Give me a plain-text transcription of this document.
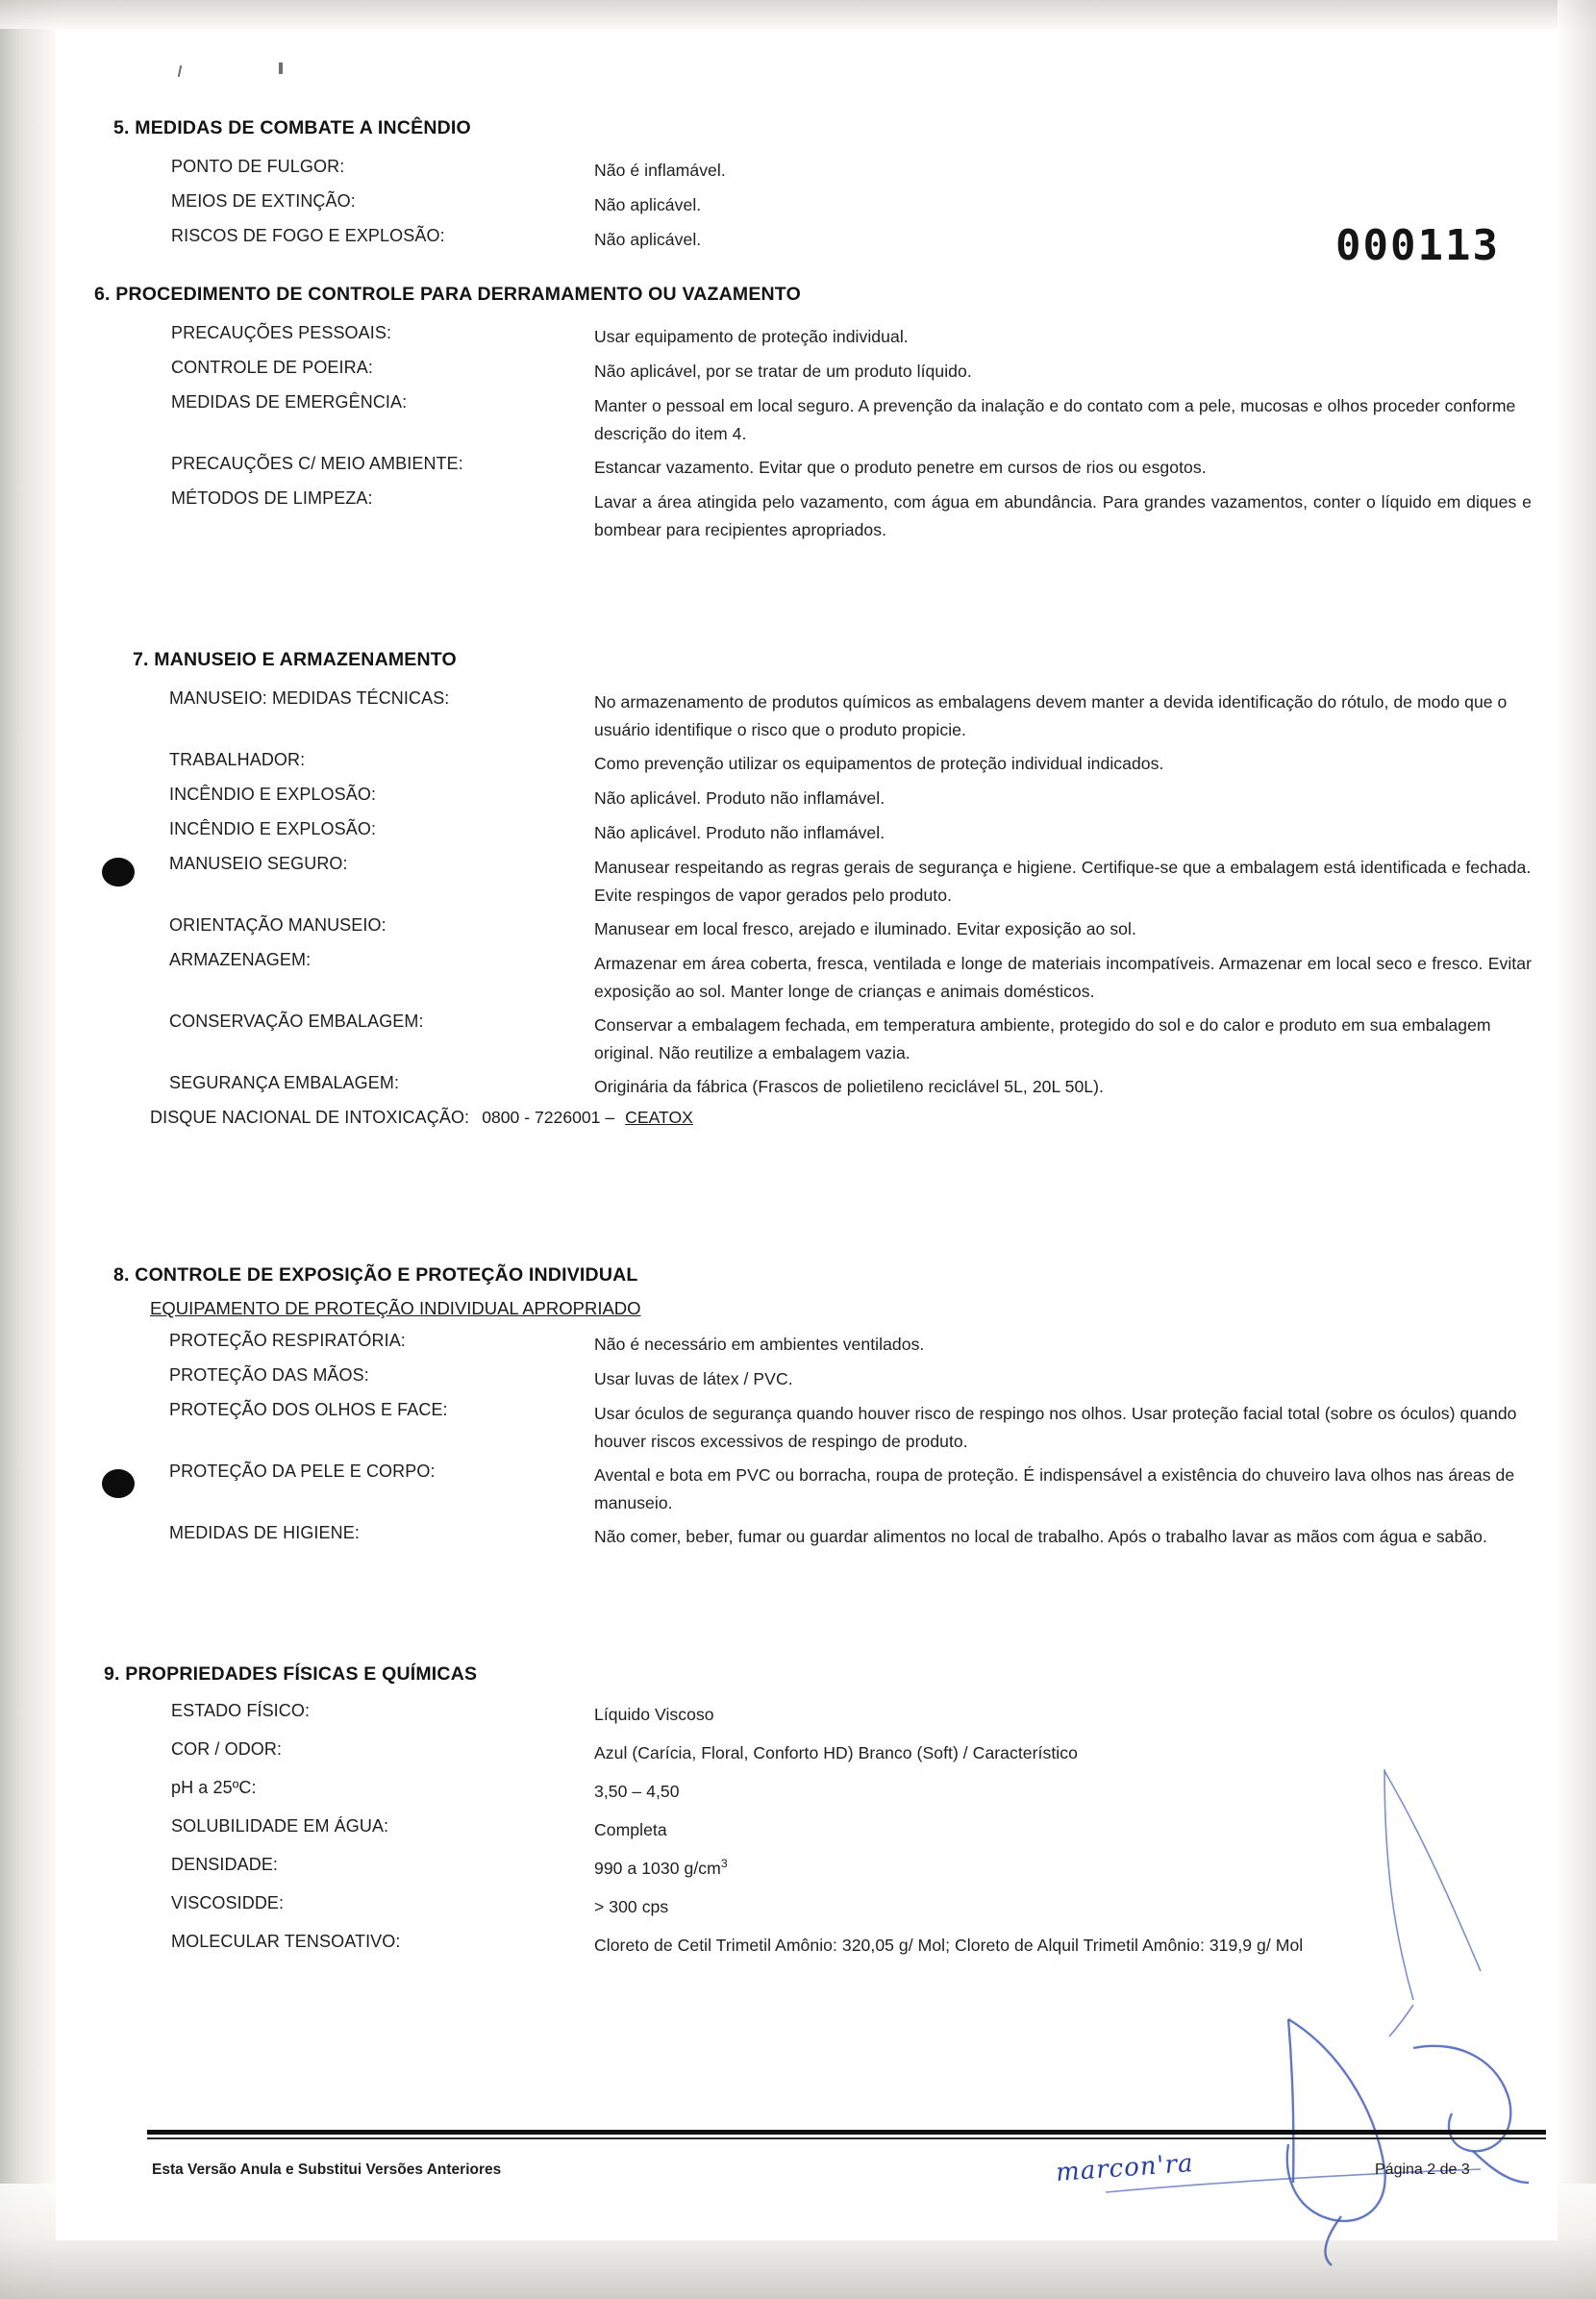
000113
5. MEDIDAS DE COMBATE A INCÊNDIO
PONTO DE FULGOR:	Não é inflamável.
MEIOS DE EXTINÇÃO:	Não aplicável.
RISCOS DE FOGO E EXPLOSÃO:	Não aplicável.
6. PROCEDIMENTO DE CONTROLE PARA DERRAMAMENTO OU VAZAMENTO
PRECAUÇÕES PESSOAIS:	Usar equipamento de proteção individual.
CONTROLE DE POEIRA:	Não aplicável, por se tratar de um produto líquido.
MEDIDAS DE EMERGÊNCIA:	Manter o pessoal em local seguro. A prevenção da inalação e do contato com a pele, mucosas e olhos proceder conforme descrição do item 4.
PRECAUÇÕES C/ MEIO AMBIENTE:	Estancar vazamento. Evitar que o produto penetre em cursos de rios ou esgotos.
MÉTODOS DE LIMPEZA:	Lavar a área atingida pelo vazamento, com água em abundância. Para grandes vazamentos, conter o líquido em diques e bombear para recipientes apropriados.
7. MANUSEIO E ARMAZENAMENTO
MANUSEIO: MEDIDAS TÉCNICAS:	No armazenamento de produtos químicos as embalagens devem manter a devida identificação do rótulo, de modo que o usuário identifique o risco que o produto propicie.
TRABALHADOR:	Como prevenção utilizar os equipamentos de proteção individual indicados.
INCÊNDIO E EXPLOSÃO:	Não aplicável. Produto não inflamável.
INCÊNDIO E EXPLOSÃO:	Não aplicável. Produto não inflamável.
MANUSEIO SEGURO:	Manusear respeitando as regras gerais de segurança e higiene. Certifique-se que a embalagem está identificada e fechada. Evite respingos de vapor gerados pelo produto.
ORIENTAÇÃO MANUSEIO:	Manusear em local fresco, arejado e iluminado. Evitar exposição ao sol.
ARMAZENAGEM:	Armazenar em área coberta, fresca, ventilada e longe de materiais incompatíveis. Armazenar em local seco e fresco. Evitar exposição ao sol. Manter longe de crianças e animais domésticos.
CONSERVAÇÃO EMBALAGEM:	Conservar a embalagem fechada, em temperatura ambiente, protegido do sol e do calor e produto em sua embalagem original. Não reutilize a embalagem vazia.
SEGURANÇA EMBALAGEM:	Originária da fábrica (Frascos de polietileno reciclável 5L, 20L 50L).
DISQUE NACIONAL DE INTOXICAÇÃO: 0800 - 7226001 – CEATOX
8. CONTROLE DE EXPOSIÇÃO E PROTEÇÃO INDIVIDUAL
EQUIPAMENTO DE PROTEÇÃO INDIVIDUAL APROPRIADO
PROTEÇÃO RESPIRATÓRIA:	Não é necessário em ambientes ventilados.
PROTEÇÃO DAS MÃOS:	Usar luvas de látex / PVC.
PROTEÇÃO DOS OLHOS E FACE:	Usar óculos de segurança quando houver risco de respingo nos olhos. Usar proteção facial total (sobre os óculos) quando houver riscos excessivos de respingo de produto.
PROTEÇÃO DA PELE E CORPO:	Avental e bota em PVC ou borracha, roupa de proteção. É indispensável a existência do chuveiro lava olhos nas áreas de manuseio.
MEDIDAS DE HIGIENE:	Não comer, beber, fumar ou guardar alimentos no local de trabalho. Após o trabalho lavar as mãos com água e sabão.
9. PROPRIEDADES FÍSICAS E QUÍMICAS
ESTADO FÍSICO:	Líquido Viscoso
COR / ODOR:	Azul (Carícia, Floral, Conforto HD) Branco (Soft) / Característico
pH a 25ºC:	3,50 – 4,50
SOLUBILIDADE EM ÁGUA:	Completa
DENSIDADE:	990 a 1030 $g/cm^3$
VISCOSIDDE:	> 300 cps
MOLECULAR TENSOATIVO:	Cloreto de Cetil Trimetil Amônio: 320,05 g/ Mol; Cloreto de Alquil Trimetil Amônio: 319,9 g/ Mol
Esta Versão Anula e Substitui Versões Anteriores	marcon'ra	Página 2 de 3
